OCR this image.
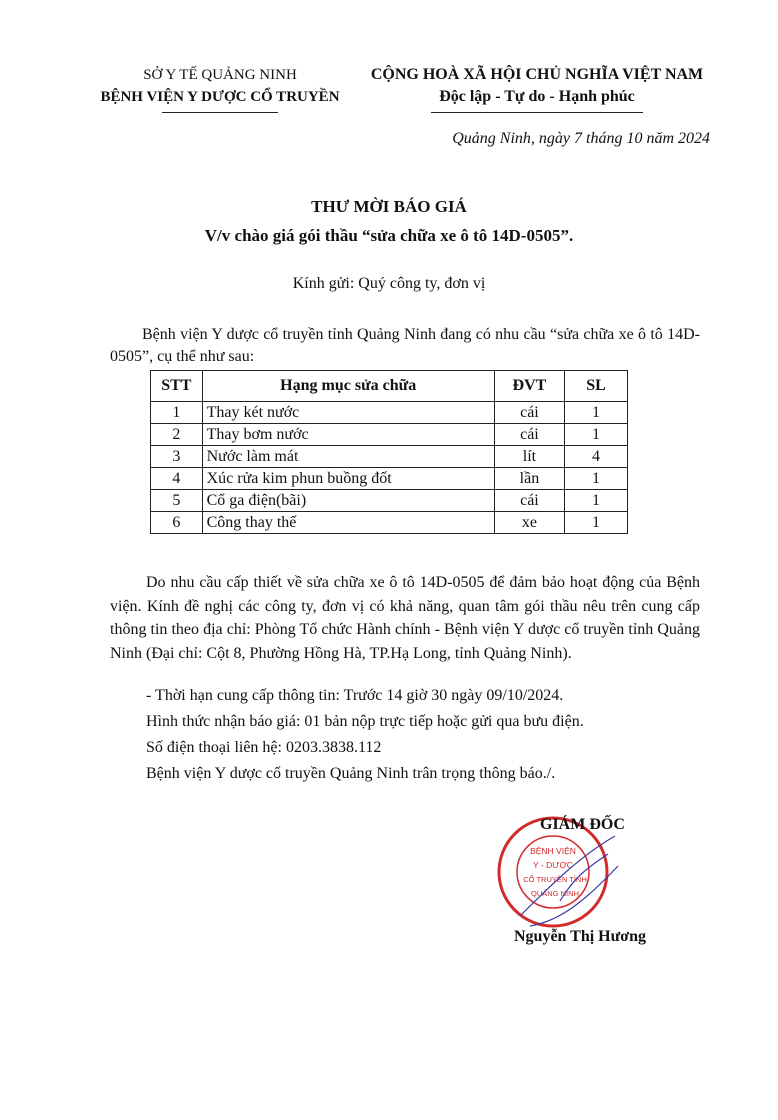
SỞ Y TẾ QUẢNG NINH
BỆNH VIỆN Y DƯỢC CỔ TRUYỀN
CỘNG HOÀ XÃ HỘI CHỦ NGHĨA VIỆT NAM
Độc lập - Tự do - Hạnh phúc
Quảng Ninh, ngày 7 tháng 10 năm 2024
THƯ MỜI BÁO GIÁ
V/v chào giá gói thầu “sửa chữa xe ô tô 14D-0505”.
Kính gửi: Quý công ty, đơn vị
Bệnh viện Y dược cổ truyền tỉnh Quảng Ninh đang có nhu cầu “sửa chữa xe ô tô 14D-0505”, cụ thể như sau:
STT	Hạng mục sửa chữa	ĐVT	SL
1	Thay két nước	cái	1
2	Thay bơm nước	cái	1
3	Nước làm mát	lít	4
4	Xúc rửa kim phun buồng đốt	lần	1
5	Cổ ga điện(bãi)	cái	1
6	Công thay thế	xe	1
Do nhu cầu cấp thiết về sửa chữa xe ô tô 14D-0505 để đảm bảo hoạt động của Bệnh viện. Kính đề nghị các công ty, đơn vị có khả năng, quan tâm gói thầu nêu trên cung cấp thông tin theo địa chỉ: Phòng Tổ chức Hành chính - Bệnh viện Y dược cổ truyền tỉnh Quảng Ninh (Đại chỉ: Cột 8, Phường Hồng Hà, TP.Hạ Long, tỉnh Quảng Ninh).
- Thời hạn cung cấp thông tin: Trước 14 giờ 30 ngày 09/10/2024.
Hình thức nhận báo giá: 01 bản nộp trực tiếp hoặc gửi qua bưu điện.
Số điện thoại liên hệ: 0203.3838.112
Bệnh viện Y dược cổ truyền Quảng Ninh trân trọng thông báo./.
BỆNH VIỆN
Y - DƯỢC
CỔ TRUYỀN TỈNH
QUẢNG NINH
GIÁM ĐỐC
Nguyễn Thị Hương
